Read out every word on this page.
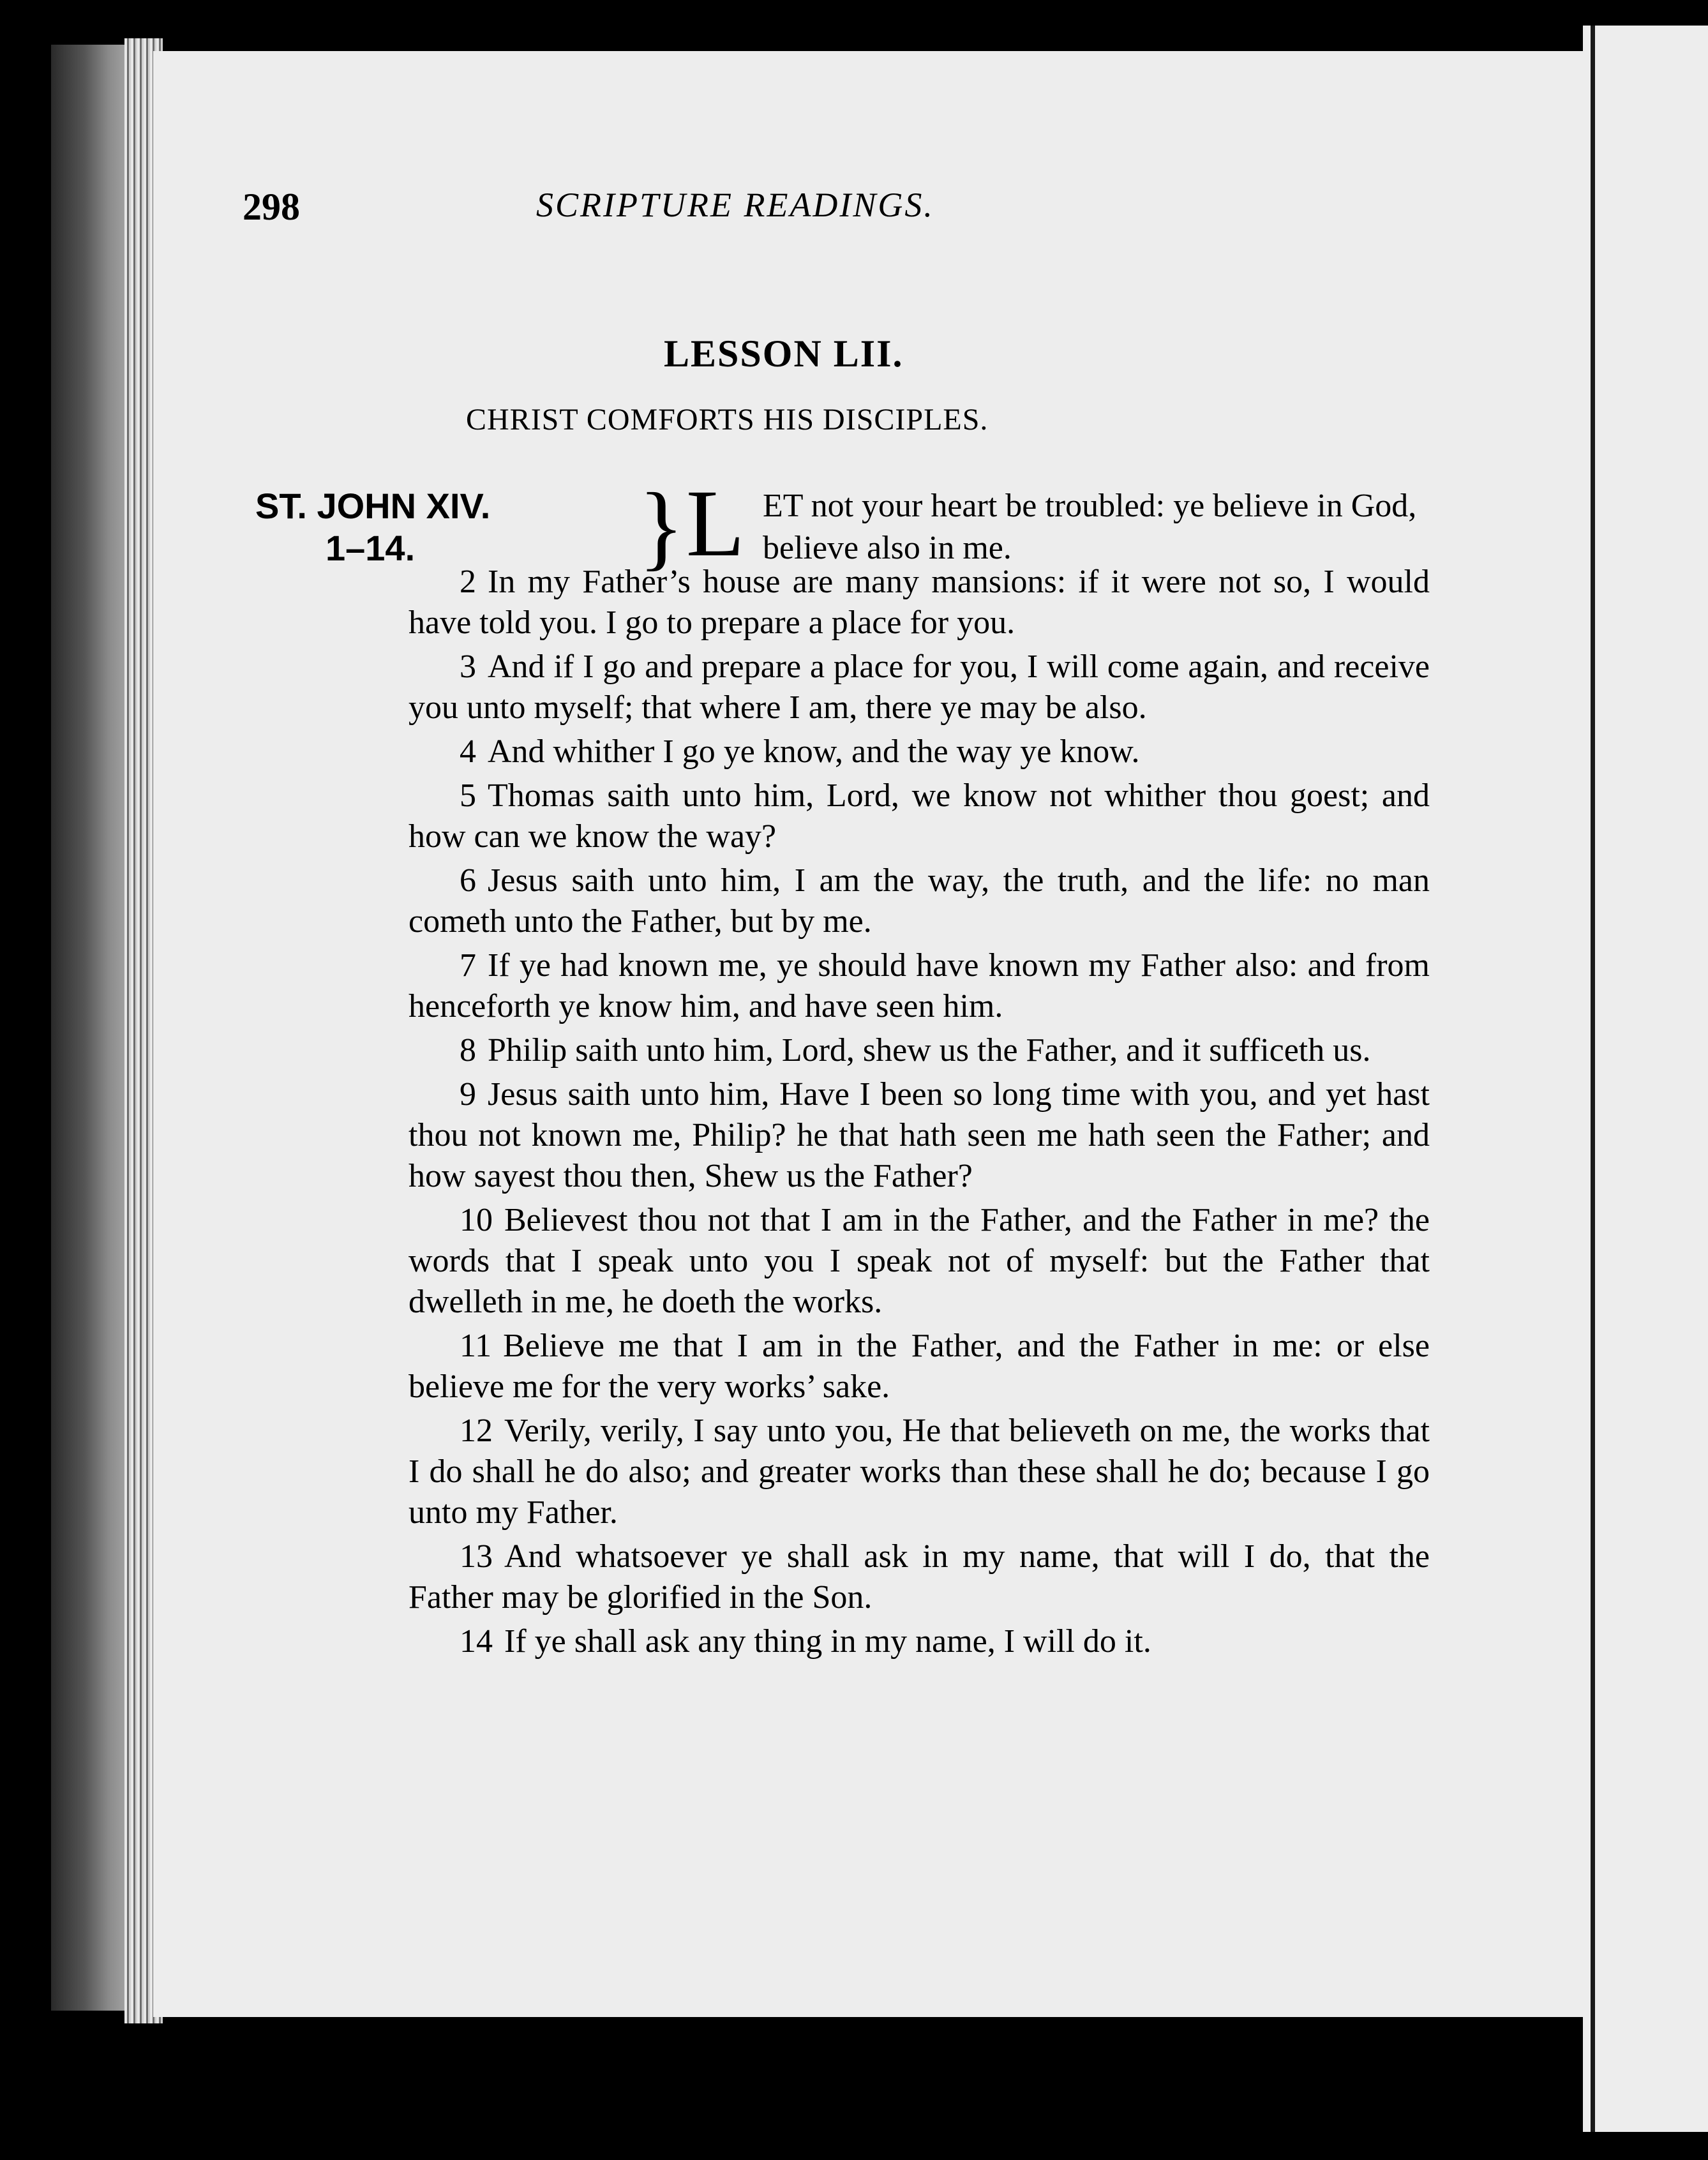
298	SCRIPTURE READINGS.
LESSON LII.
CHRIST COMFORTS HIS DISCIPLES.
ST. JOHN XIV.
1–14.	} L ET not your heart be troubled: ye believe in God, believe also in me.

2 In my Father’s house are many mansions: if it were not so, I would have told you. I go to prepare a place for you.

3 And if I go and prepare a place for you, I will come again, and receive you unto myself; that where I am, there ye may be also.

4 And whither I go ye know, and the way ye know.

5 Thomas saith unto him, Lord, we know not whither thou goest; and how can we know the way?

6 Jesus saith unto him, I am the way, the truth, and the life: no man cometh unto the Father, but by me.

7 If ye had known me, ye should have known my Father also: and from henceforth ye know him, and have seen him.

8 Philip saith unto him, Lord, shew us the Father, and it sufficeth us.

9 Jesus saith unto him, Have I been so long time with you, and yet hast thou not known me, Philip? he that hath seen me hath seen the Father; and how sayest thou then, Shew us the Father?

10 Believest thou not that I am in the Father, and the Father in me? the words that I speak unto you I speak not of myself: but the Father that dwelleth in me, he doeth the works.

11 Believe me that I am in the Father, and the Father in me: or else believe me for the very works’ sake.

12 Verily, verily, I say unto you, He that believeth on me, the works that I do shall he do also; and greater works than these shall he do; because I go unto my Father.

13 And whatsoever ye shall ask in my name, that will I do, that the Father may be glorified in the Son.

14 If ye shall ask any thing in my name, I will do it.
